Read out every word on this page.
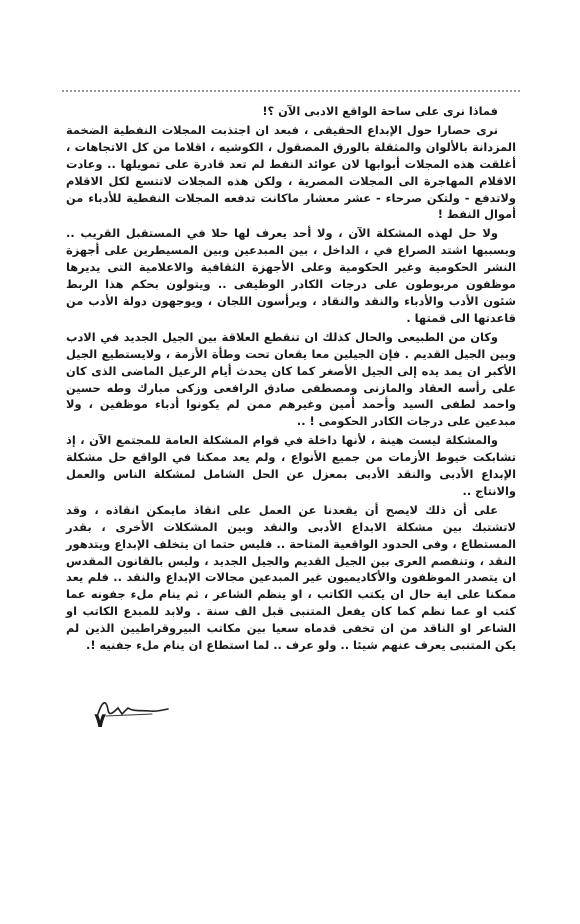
فماذا نرى على ساحة الواقع الادبى الآن ؟!

نرى حصارا حول الإبداع الحقيقى ، فبعد ان اجتذبت المجلات النفطية الضخمة المزدانة بالألوان والمثقلة بالورق المصقول ، الكوشيه ، اقلاما من كل الاتجاهات ، أغلقت هذه المجلات أبوابها لان عوائد النفط لم تعد قادرة على تمويلها .. وعادت الاقلام المهاجرة الى المجلات المصرية ، ولكن هذه المجلات لاتتسع لكل الاقلام ولاتدفع - ولتكن صرحاء - عشر معشار ماكانت تدفعه المجلات النفطية للأدباء من أموال النفط !

ولا حل لهذه المشكلة الآن ، ولا أحد يعرف لها حلا في المستقبل القريب .. وبسببها اشتد الصراع في ، الداخل ، بين المبدعين وبين المسيطرين على أجهزة النشر الحكومية وغير الحكومية وعلى الأجهزة الثقافية والاعلامية التى يديرها موظفون مربوطون على درجات الكادر الوظيفى .. ويتولون بحكم هذا الربط شئون الأدب والأدباء والنقد والنقاد ، ويرأسون اللجان ، ويوجهون دولة الأدب من قاعدتها الى قمتها .

وكان من الطبيعى والحال كذلك ان تنقطع العلاقة بين الجيل الجديد في الادب وبين الجيل القديم . فإن الجيلين معا يقعان تحت وطأة الأزمة ، ولايستطيع الجيل الأكبر ان يمد يده إلى الجيل الأصغر كما كان يحدث أيام الرعيل الماضى الذى كان على رأسه العقاد والمازنى ومصطفى صادق الرافعى وزكى مبارك وطه حسين واحمد لطفى السيد وأحمد أمين وغيرهم ممن لم يكونوا أدباء موظفين ، ولا مبدعين على درجات الكادر الحكومى ! ..

والمشكلة ليست هينة ، لأنها داخلة في قوام المشكلة العامة للمجتمع الآن ، إذ تشابكت خيوط الأزمات من جميع الأنواع ، ولم يعد ممكنا في الواقع حل مشكلة الإبداع الأدبى والنقد الأدبى بمعزل عن الحل الشامل لمشكلة الناس والعمل والانتاج ..

على أن ذلك لايصح أن يقعدنا عن العمل على انقاذ مايمكن انقاذه ، وقد لاتشتبك بين مشكلة الابداع الأدبى والنقد وبين المشكلات الأخرى ، بقدر المستطاع ، وفى الحدود الواقعية المتاحة .. فليس حتما ان يتخلف الإبداع ويتدهور النقد ، وتنفصم العرى بين الجيل القديم والجيل الجديد ، وليس بالقانون المقدس ان يتصدر الموظفون والأكاديميون غير المبدعين مجالات الإبداع والنقد .. فلم يعد ممكنا على اية حال ان يكتب الكاتب ، او ينظم الشاعر ، ثم ينام ملء جفونه عما كتب او عما نظم كما كان يفعل المتنبى قبل الف سنة . ولابد للمبدع الكاتب او الشاعر او الناقد من ان تخفى قدماه سعيا بين مكاتب البيروقراطيين الذين لم يكن المتنبى يعرف عنهم شيئا .. ولو عرف .. لما استطاع ان ينام ملء جفنيه !.

٧
